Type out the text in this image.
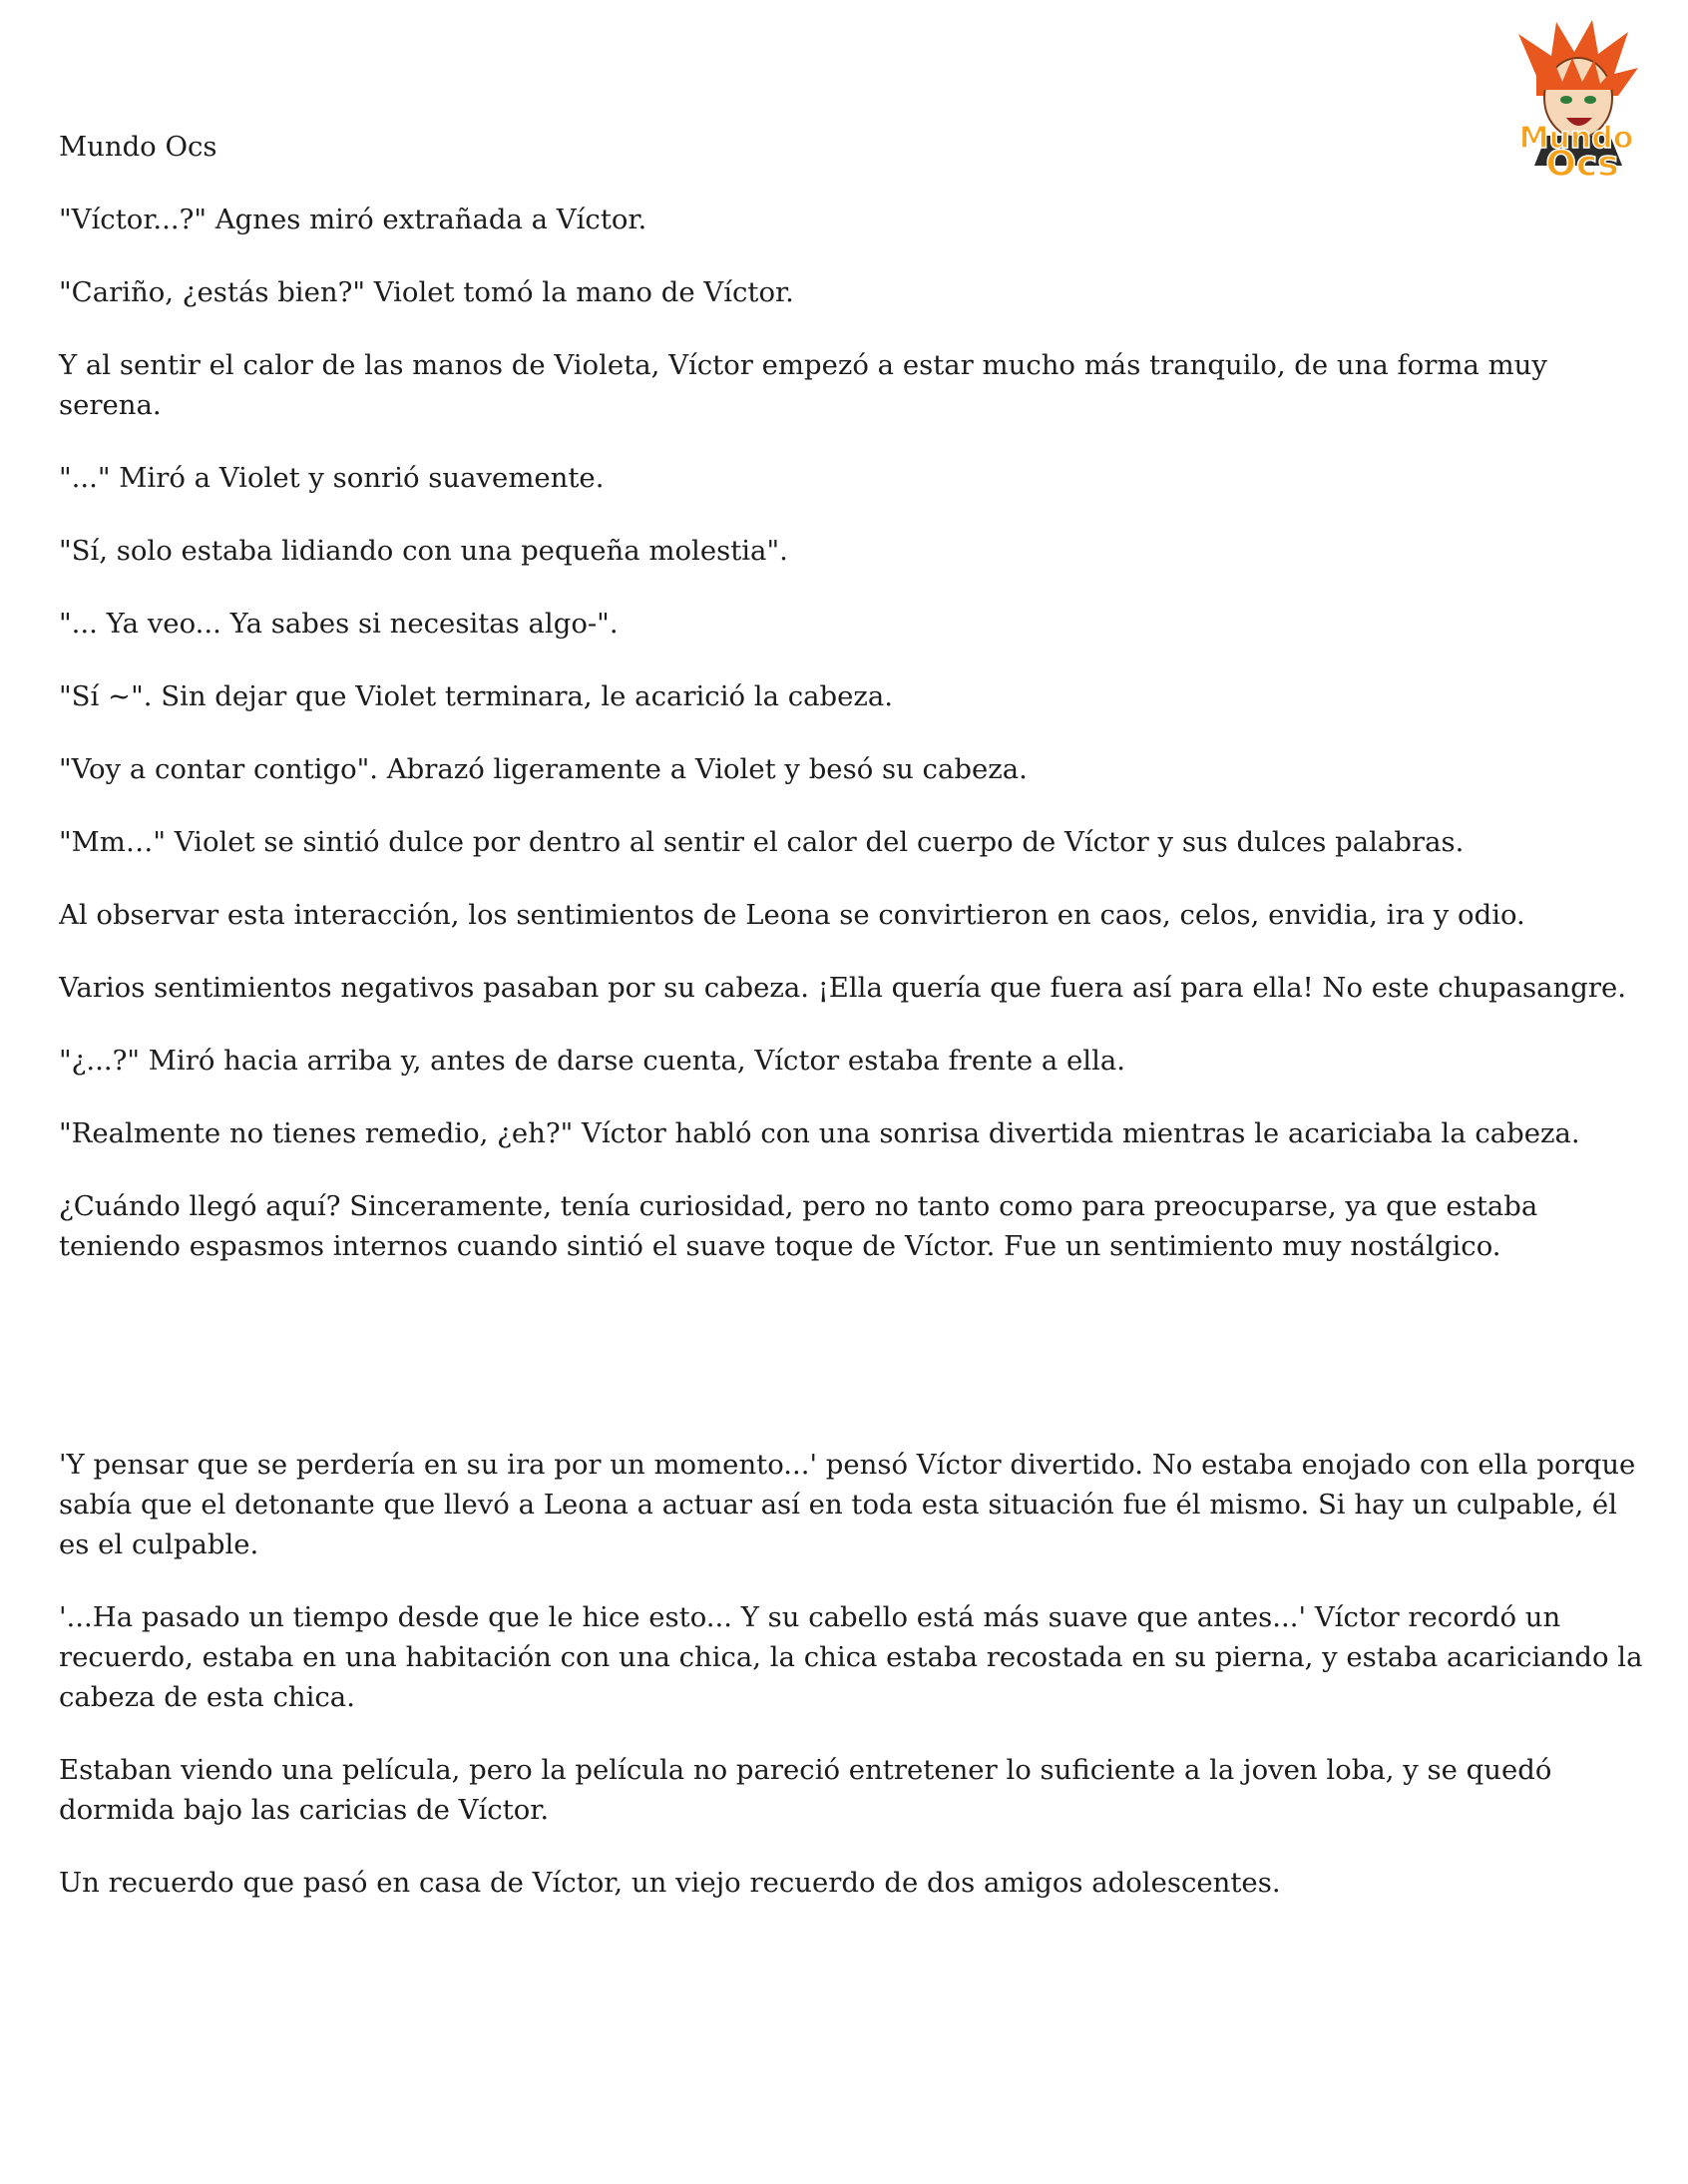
Mundo
Ocs

Mundo Ocs

"Víctor...?" Agnes miró extrañada a Víctor.

"Cariño, ¿estás bien?" Violet tomó la mano de Víctor.

Y al sentir el calor de las manos de Violeta, Víctor empezó a estar mucho más tranquilo, de una forma muy serena.

"..." Miró a Violet y sonrió suavemente.

"Sí, solo estaba lidiando con una pequeña molestia".

"... Ya veo... Ya sabes si necesitas algo-".

"Sí ~". Sin dejar que Violet terminara, le acarició la cabeza.

"Voy a contar contigo". Abrazó ligeramente a Violet y besó su cabeza.

"Mm…" Violet se sintió dulce por dentro al sentir el calor del cuerpo de Víctor y sus dulces palabras.

Al observar esta interacción, los sentimientos de Leona se convirtieron en caos, celos, envidia, ira y odio.

Varios sentimientos negativos pasaban por su cabeza. ¡Ella quería que fuera así para ella! No este chupasangre.

"¿...?" Miró hacia arriba y, antes de darse cuenta, Víctor estaba frente a ella.

"Realmente no tienes remedio, ¿eh?" Víctor habló con una sonrisa divertida mientras le acariciaba la cabeza.

¿Cuándo llegó aquí? Sinceramente, tenía curiosidad, pero no tanto como para preocuparse, ya que estaba teniendo espasmos internos cuando sintió el suave toque de Víctor. Fue un sentimiento muy nostálgico.

'Y pensar que se perdería en su ira por un momento...' pensó Víctor divertido. No estaba enojado con ella porque sabía que el detonante que llevó a Leona a actuar así en toda esta situación fue él mismo. Si hay un culpable, él es el culpable.

'...Ha pasado un tiempo desde que le hice esto... Y su cabello está más suave que antes...' Víctor recordó un recuerdo, estaba en una habitación con una chica, la chica estaba recostada en su pierna, y estaba acariciando la cabeza de esta chica.

Estaban viendo una película, pero la película no pareció entretener lo suficiente a la joven loba, y se quedó dormida bajo las caricias de Víctor.

Un recuerdo que pasó en casa de Víctor, un viejo recuerdo de dos amigos adolescentes.
